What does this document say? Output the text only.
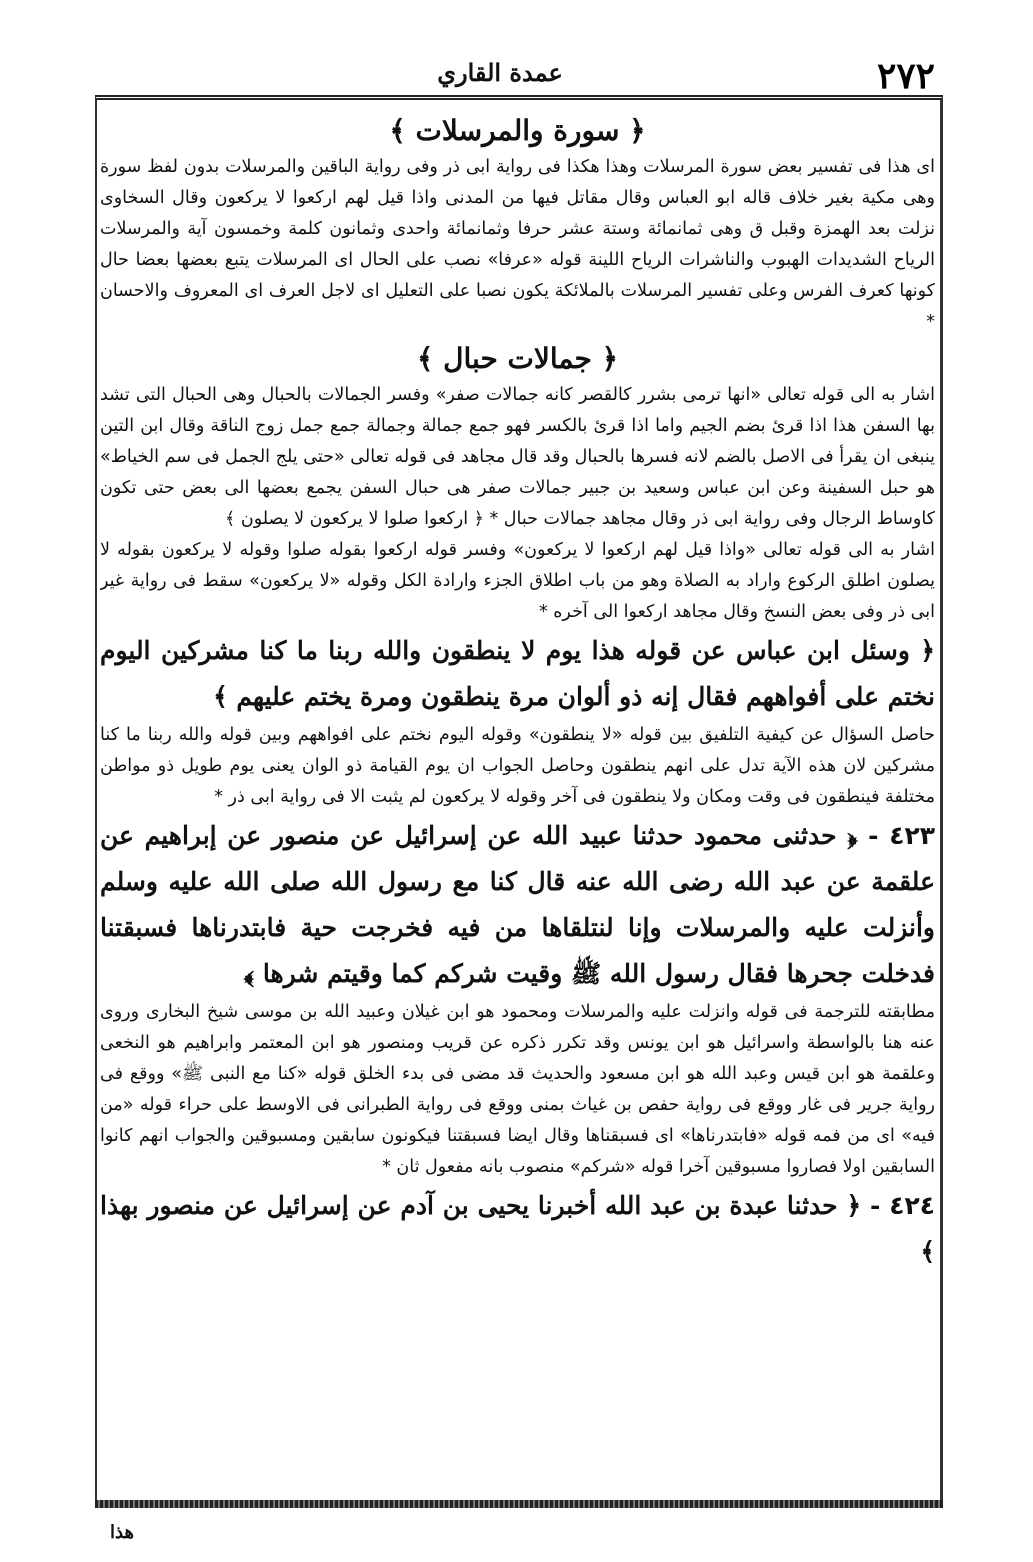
عمدة القاري	٢٧٢
﴿ سورة والمرسلات ﴾

اى هذا فى تفسير بعض سورة المرسلات وهذا هكذا فى رواية ابى ذر وفى رواية الباقين والمرسلات بدون لفظ سورة وهى مكية بغير خلاف قاله ابو العباس وقال مقاتل فيها من المدنى واذا قيل لهم اركعوا لا يركعون وقال السخاوى نزلت بعد الهمزة وقبل ق وهى ثمانمائة وستة عشر حرفا وثمانمائة واحدى وثمانون كلمة وخمسون آية والمرسلات الرياح الشديدات الهبوب والناشرات الرياح اللينة قوله «عرفا» نصب على الحال اى المرسلات يتبع بعضها بعضا حال كونها كعرف الفرس وعلى تفسير المرسلات بالملائكة يكون نصبا على التعليل اى لاجل العرف اى المعروف والاحسان *

﴿ جمالات حبال ﴾

اشار به الى قوله تعالى «انها ترمى بشرر كالقصر كانه جمالات صفر» وفسر الجمالات بالحبال وهى الحبال التى تشد بها السفن هذا اذا قرئ بضم الجيم واما اذا قرئ بالكسر فهو جمع جمالة وجمالة جمع جمل زوج الناقة وقال ابن التين ينبغى ان يقرأ فى الاصل بالضم لانه فسرها بالحبال وقد قال مجاهد فى قوله تعالى «حتى يلج الجمل فى سم الخياط» هو حبل السفينة وعن ابن عباس وسعيد بن جبير جمالات صفر هى حبال السفن يجمع بعضها الى بعض حتى تكون كاوساط الرجال وفى رواية ابى ذر وقال مجاهد جمالات حبال * ﴿ ارکعوا صلوا لا یرکعون لا یصلون ﴾

اشار به الى قوله تعالى «واذا قيل لهم اركعوا لا يركعون» وفسر قوله اركعوا بقوله صلوا وقوله لا يركعون بقوله لا يصلون اطلق الركوع واراد به الصلاة وهو من باب اطلاق الجزء وارادة الكل وقوله «لا يركعون» سقط فى رواية غير ابى ذر وفى بعض النسخ وقال مجاهد اركعوا الى آخره *

﴿ وسئل ابن عباس عن قوله هذا يوم لا ينطقون والله ربنا ما كنا مشركين اليوم نختم على أفواههم فقال إنه ذو ألوان مرة ينطقون ومرة يختم عليهم ﴾

حاصل السؤال عن كيفية التلفيق بين قوله «لا ينطقون» وقوله اليوم نختم على افواههم وبين قوله والله ربنا ما كنا مشركين لان هذه الآية تدل على انهم ينطقون وحاصل الجواب ان يوم القيامة ذو الوان يعنى يوم طويل ذو مواطن مختلفة فينطقون فى وقت ومكان ولا ينطقون فى آخر وقوله لا يركعون لم يثبت الا فى رواية ابى ذر *

٤٢٣ - ﴿ حدثنى محمود حدثنا عبيد الله عن إسرائيل عن منصور عن إبراهيم عن علقمة عن عبد الله رضى الله عنه قال كنا مع رسول الله صلى الله عليه وسلم وأنزلت عليه والمرسلات وإنا لنتلقاها من فيه فخرجت حية فابتدرناها فسبقتنا فدخلت جحرها فقال رسول الله ﷺ وقيت شركم كما وقيتم شرها ﴾

مطابقته للترجمة فى قوله وانزلت عليه والمرسلات ومحمود هو ابن غيلان وعبيد الله بن موسى شيخ البخارى وروى عنه هنا بالواسطة واسرائيل هو ابن يونس وقد تكرر ذكره عن قريب ومنصور هو ابن المعتمر وابراهيم هو النخعى وعلقمة هو ابن قيس وعبد الله هو ابن مسعود والحديث قد مضى فى بدء الخلق قوله «كنا مع النبى ﷺ» ووقع فى رواية جرير فى غار ووقع فى رواية حفص بن غياث بمنى ووقع فى رواية الطبرانى فى الاوسط على حراء قوله «من فيه» اى من فمه قوله «فابتدرناها» اى فسبقناها وقال ايضا فسبقتنا فيكونون سابقين ومسبوقين والجواب انهم كانوا السابقين اولا فصاروا مسبوقين آخرا قوله «شركم» منصوب بانه مفعول ثان *

٤٢٤ - ﴿ حدثنا عبدة بن عبد الله أخبرنا يحيى بن آدم عن إسرائيل عن منصور بهذا ﴾

هذا
